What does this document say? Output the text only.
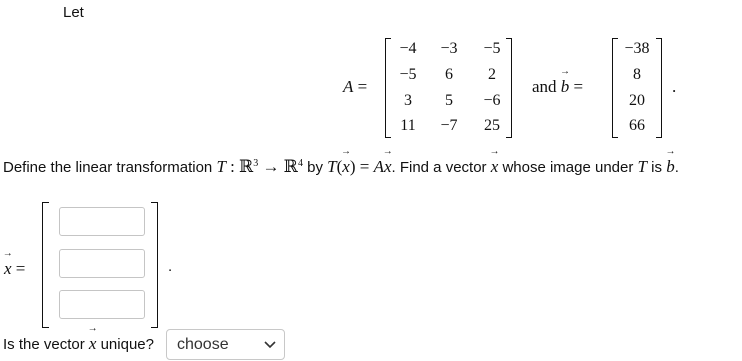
Let
A =
−4	−3	−5
−5	6	2
3	5	−6
11	−7	25
and → b =
−38
8
20
66
.
Define the linear transformation T : ℝ$^3$ → ℝ$^4$ by T(→ x) = A→ x. Find a vector → x whose image under T is → b.
→ x =	.
Is the vector → x unique? choose
